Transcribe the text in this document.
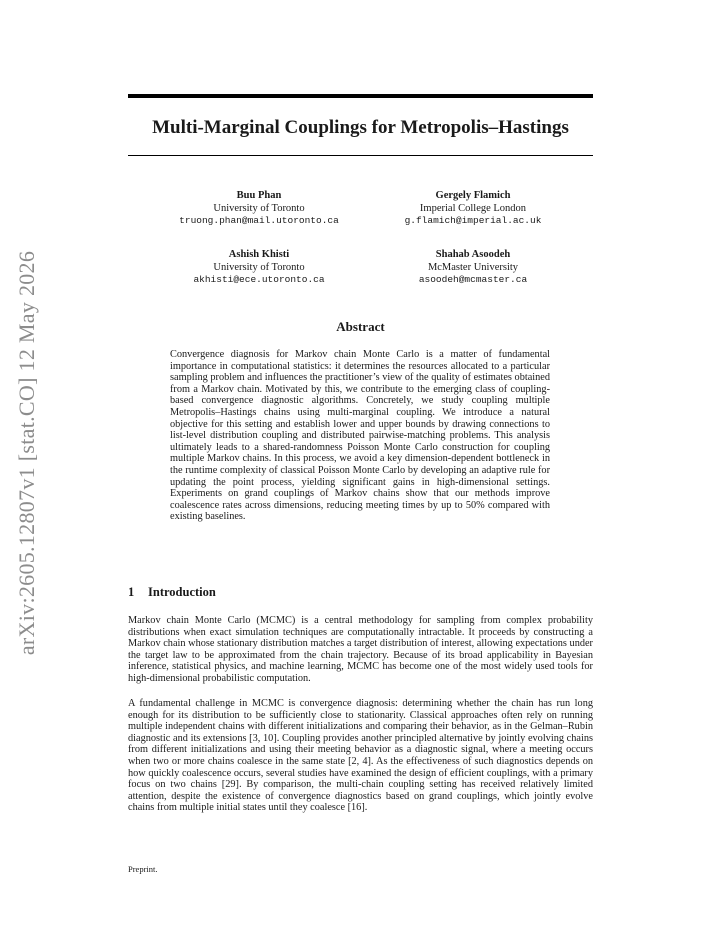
arXiv:2605.12807v1 [stat.CO] 12 May 2026
Multi-Marginal Couplings for Metropolis–Hastings
Buu Phan
University of Toronto
truong.phan@mail.utoronto.ca
Gergely Flamich
Imperial College London
g.flamich@imperial.ac.uk
Ashish Khisti
University of Toronto
akhisti@ece.utoronto.ca
Shahab Asoodeh
McMaster University
asoodeh@mcmaster.ca
Abstract
Convergence diagnosis for Markov chain Monte Carlo is a matter of fundamental importance in computational statistics: it determines the resources allocated to a particular sampling problem and influences the practitioner’s view of the quality of estimates obtained from a Markov chain. Motivated by this, we contribute to the emerging class of coupling-based convergence diagnostic algorithms. Concretely, we study coupling multiple Metropolis–Hastings chains using multi-marginal coupling. We introduce a natural objective for this setting and establish lower and upper bounds by drawing connections to list-level distribution coupling and distributed pairwise-matching problems. This analysis ultimately leads to a shared-randomness Poisson Monte Carlo construction for coupling multiple Markov chains. In this process, we avoid a key dimension-dependent bottleneck in the runtime complexity of classical Poisson Monte Carlo by developing an adaptive rule for updating the point process, yielding significant gains in high-dimensional settings. Experiments on grand couplings of Markov chains show that our methods improve coalescence rates across dimensions, reducing meeting times by up to 50% compared with existing baselines.
1 Introduction
Markov chain Monte Carlo (MCMC) is a central methodology for sampling from complex probability distributions when exact simulation techniques are computationally intractable. It proceeds by constructing a Markov chain whose stationary distribution matches a target distribution of interest, allowing expectations under the target law to be approximated from the chain trajectory. Because of its broad applicability in Bayesian inference, statistical physics, and machine learning, MCMC has become one of the most widely used tools for high-dimensional probabilistic computation.
A fundamental challenge in MCMC is convergence diagnosis: determining whether the chain has run long enough for its distribution to be sufficiently close to stationarity. Classical approaches often rely on running multiple independent chains with different initializations and comparing their behavior, as in the Gelman–Rubin diagnostic and its extensions [3, 10]. Coupling provides another principled alternative by jointly evolving chains from different initializations and using their meeting behavior as a diagnostic signal, where a meeting occurs when two or more chains coalesce in the same state [2, 4]. As the effectiveness of such diagnostics depends on how quickly coalescence occurs, several studies have examined the design of efficient couplings, with a primary focus on two chains [29]. By comparison, the multi-chain coupling setting has received relatively limited attention, despite the existence of convergence diagnostics based on grand couplings, which jointly evolve chains from multiple initial states until they coalesce [16].
Preprint.
